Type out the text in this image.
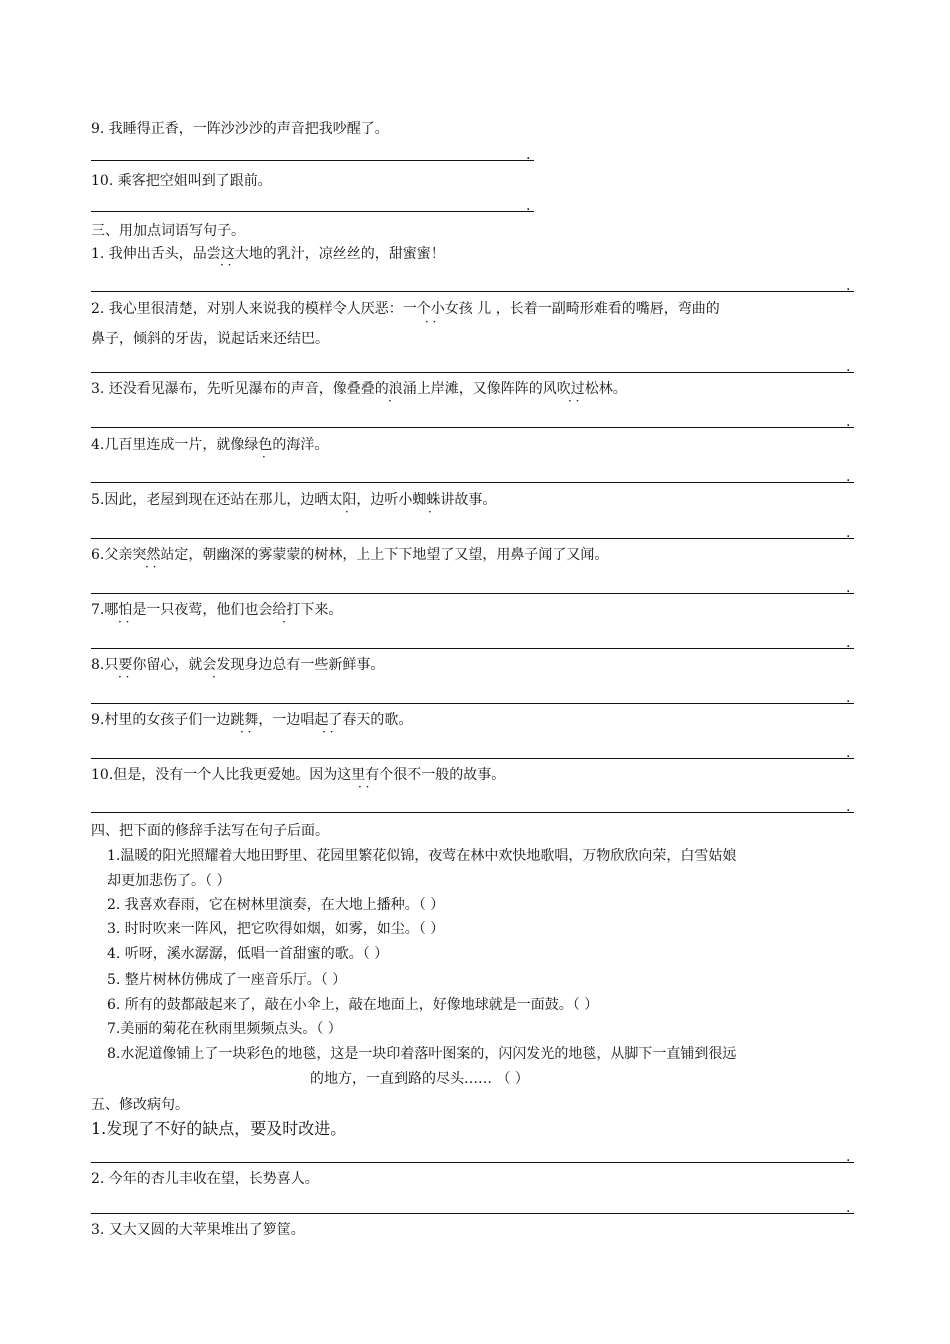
9. 我睡得正香，一阵沙沙沙的声音把我吵醒了。
.
10. 乘客把空姐叫到了跟前。
.
三、用加点词语写句子。
1. 我伸出舌头，品尝这大地的乳汁，凉丝丝的，甜蜜蜜！
.
2. 我心里很清楚，对别人来说我的模样令人厌恶：一个小女孩 儿 ，长着一副畸形难看的嘴唇，弯曲的
鼻子，倾斜的牙齿，说起话来还结巴。
.
3. 还没看见瀑布，先听见瀑布的声音，像叠叠的浪涌上岸滩，又像阵阵的风吹过松林。
.
4.几百里连成一片，就像绿色的海洋。
.
5.因此，老屋到现在还站在那儿，边晒太阳，边听小蜘蛛讲故事。
.
6.父亲突然站定，朝幽深的雾蒙蒙的树林，上上下下地望了又望，用鼻子闻了又闻。
.
7.哪怕是一只夜莺，他们也会给打下来。
.
8.只要你留心，就会发现身边总有一些新鲜事。
.
9.村里的女孩子们一边跳舞，一边唱起了春天的歌。
.
10.但是，没有一个人比我更爱她。因为这里有个很不一般的故事。
.
· ·
· ·
·	· ·
·
·	·
· ·
· ·	·
· ·	·
· ·	· ·
· ·
四、把下面的修辞手法写在句子后面。
1.温暖的阳光照耀着大地田野里、花园里繁花似锦，夜莺在林中欢快地歌唱，万物欣欣向荣，白雪姑娘
却更加悲伤了。（ ）
2. 我喜欢春雨，它在树林里演奏，在大地上播种。（ ）
3. 时时吹来一阵风，把它吹得如烟，如雾，如尘。（ ）
4. 听呀，溪水潺潺，低唱一首甜蜜的歌。（ ）
5. 整片树林仿佛成了一座音乐厅。（ ）
6. 所有的鼓都敲起来了，敲在小伞上，敲在地面上，好像地球就是一面鼓。（ ）
7.美丽的菊花在秋雨里频频点头。（ ）
8.水泥道像铺上了一块彩色的地毯，这是一块印着落叶图案的，闪闪发光的地毯，从脚下一直铺到很远
的地方，一直到路的尽头…… （ ）
五、修改病句。
1.发现了不好的缺点，要及时改进。
.
2. 今年的杏儿丰收在望，长势喜人。
.
3. 又大又圆的大苹果堆出了箩筐。
